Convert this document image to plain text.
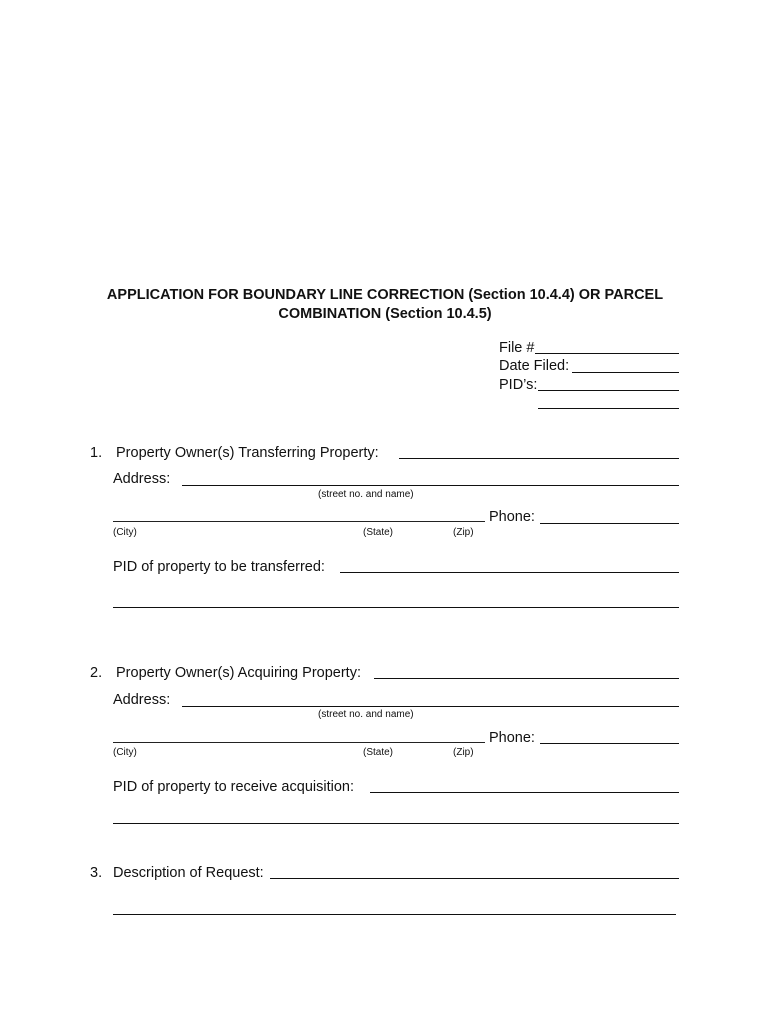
APPLICATION FOR BOUNDARY LINE CORRECTION (Section 10.4.4) OR PARCEL
COMBINATION (Section 10.4.5)
File #
Date Filed:
PID’s:
1. Property Owner(s) Transferring Property:
Address:
(street no. and name)
Phone:
(City)	(State)	(Zip)
PID of property to be transferred:
2. Property Owner(s) Acquiring Property:
Address:
(street no. and name)
Phone:
(City)	(State)	(Zip)
PID of property to receive acquisition:
3. Description of Request:
